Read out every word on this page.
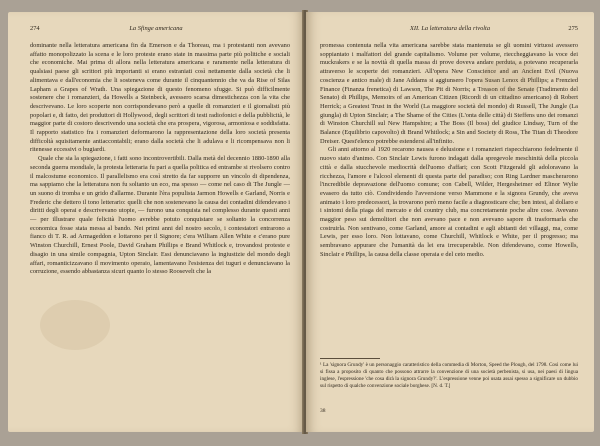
274	La Sfinge americana

dominante nella letteratura americana fin da Emerson e da Thoreau, ma i protestanti non avevano affatto monopolizzato la scena e le loro proteste erano state in massima parte più politiche e sociali che economiche. Mai prima di allora nella letteratura americana e raramente nella letteratura di qualsiasi paese gli scrittori più importanti si erano estraniati così nettamente dalla società che li alimentava e dall'economia che li sosteneva come durante il cinquantennio che va da Rise of Silas Lapham a Grapes of Wrath. Una spiegazione di questo fenomeno sfugge. Si può difficilmente sostenere che i romanzieri, da Howells a Steinbeck, avessero scarsa dimestichezza con la vita che descrivevano. Le loro scoperte non corrispondevano però a quelle di romanzieri e il giornalisti più popolari e, di fatto, dei produttori di Hollywood, degli scrittori di testi radiofonici e della pubblicità, le maggior parte di costoro descrivendo una società che era prospera, vigorosa, armoniosa e soddisfatta. Il rapporto statistico fra i romanzieri deformarono la rappresentazione della loro società presenta difficoltà squisitamente antiaccontabili; erano dalla società che li adulava e li ricompensava non li ritenesse eccessivi o bugiardi.

Quale che sia la spiegazione, i fatti sono incontrovertibili. Dalla metà del decennio 1880-1890 alla seconda guerra mondiale, la protesta letteraria fu pari a quella politica ed entrambe si rivolsero contro il malcostume economico. Il parallelismo era così stretto da far supporre un vincolo di dipendenza, ma sappiamo che la letteratura non fu soltanto un eco, ma spesso — come nel caso di The Jungle — un suono di tromba e un grido d'allarme. Durante l'èra populista Jarmon Howells e Garland, Norris e Frederic che dettero il tono letterario: quelli che non sostenevano la causa dei contadini difendevano i diritti degli operai e descrivevano utopie, — furono una conquista nel complesso durante questi anni — per illustrare quale felicità l'uomo avrebbe potuto conquistare se soltanto la concorrenza economica fosse stata messa al bando. Nei primi anni del nostro secolo, i contestatori entrarono a fianco di T. R. ad Armageddon e lottarono per il Signore; c'era William Allen White e c'erano pure Winston Churchill, Ernest Poole, David Graham Phillips e Brand Whitlock e, trovandosi proteste e disagio in una simile compagnia, Upton Sinclair. Essi denunciavano la ingiustizie del mondo degli affari, romanticizzavano il movimento operaio, lamentavano l'esistenza dei tuguri e denunciavano la corruzione, essendo abbastanza sicuri quanto lo stesso Roosevelt che la

XII. La letteratura della rivolta	275

promessa contenuta nella vita americana sarebbe stata mantenuta se gli uomini virtuosi avessero soppiantato i malfattori del grande capitalismo. Volume per volume, rieccheggiavano la voce dei muckrakers e se la novità di quella massa di prove doveva andare perduta, a potevano recuperarla attraverso le scoperte dei romanzieri. All'opera New Conscience and an Ancient Evil (Nuova coscienza e antico male) di Jane Addams si aggiunsero l'opera Susan Lenox di Phillips; a Frenzied Finance (Finanza frenetica) di Lawson, The Pit di Norris; a Treason of the Senate (Tradimento del Senato) di Phillips, Memoirs of an American Citizen (Ricordi di un cittadino americano) di Robert Herrick; a Greatest Trust in the World (La maggiore società del mondo) di Russell, The Jungle (La giungla) di Upton Sinclair; a The Shame of the Cities (L'onta delle città) di Steffens uno dei romanzi di Winston Churchill sul New Hampshire; a The Boss (Il boss) del giudice Lindsay, Turn of the Balance (Equilibrio capovolto) di Brand Whitlock; a Sin and Society di Ross, The Titan di Theodore Dreiser. Quest'elenco potrebbe estendersi all'infinito.

Gli anni attorno al 1920 recarono nausea e delusione e i romanzieri rispecchiarono fedelmente il nuovo stato d'animo. Con Sinclair Lewis furono indagati dalla spregevole meschinità della piccola città e dalla stucchevole mediocrità dell'uomo d'affari; con Scott Fitzgerald gli adoloravano la ricchezza, l'amore e l'alcool elementi di questa parte del paradiso; con Ring Lardner mascherarono l'incredibile depravazione dell'uomo comune; con Cabell, Wilder, Hergesheimer ed Elinor Wylie evasero da tutto ciò. Condividendo l'avversione verso Mammone e la signora Grundy, che aveva animato i loro predecessori, la trovarono però meno facile a diagnosticare che; ben intesi, al dollaro e i sintomi della piaga del mercato e del country club, ma concretamente poche altre cose. Avevano maggior peso sui demolitori che non avevano pace e non avevano sapore di trasformarla che costruirla. Non sentivano, come Garland, amore ai contadini e agli abitanti dei villaggi, ma, come Lewis, per esso loro. Non lottavano, come Churchill, Whitlock e White, per il progresso; ma sembravano appurare che l'umanità da lei era irrecuperabile. Non difendevano, come Howells, Sinclair e Phillips, la causa della classe operaia e del ceto medio.

¹ La 'signora Grundy' è un personaggio caratteristico della commedia di Morton, Speed the Plough, del 1798. Così come lui si fissa a proposito di quanto che possono attrarre la convenzione di una società perbenista, si usa, nei paesi di lingua inglese, l'espressione 'che cosa dirà la signora Grundy?'. L'espressione venne poi usata assai spesso a significare un dubbio sul rispetto di qualche convenzione sociale borghese. [N. d. T.]
38
